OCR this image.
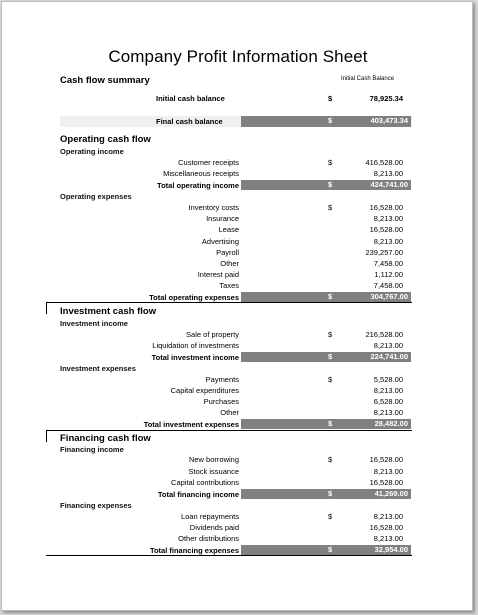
Company Profit Information Sheet
Cash flow summary	Initial Cash Balance
Initial cash balance	$	78,925.34
Final cash balance	$	403,473.34
Operating cash flow
Operating income
Customer receipts	$	416,528.00
Miscellaneous receipts	8,213.00
Total operating income	$	424,741.00
Operating expenses
Inventory costs	$	16,528.00
Insurance	8,213.00
Lease	16,528.00
Advertising	8,213.00
Payroll	239,257.00
Other	7,458.00
Interest paid	1,112.00
Taxes	7,458.00
Total operating expenses	$	304,767.00
Investment cash flow
Investment income
Sale of property	$	216,528.00
Liquidation of investments	8,213.00
Total investment income	$	224,741.00
Investment expenses
Payments	$	5,528.00
Capital expenditures	8,213.00
Purchases	6,528.00
Other	8,213.00
Total investment expenses	$	28,482.00
Financing cash flow
Financing income
New borrowing	$	16,528.00
Stock issuance	8,213.00
Capital contributions	16,528.00
Total financing income	$	41,269.00
Financing expenses
Loan repayments	$	8,213.00
Dividends paid	16,528.00
Other distributions	8,213.00
Total financing expenses	$	32,954.00
